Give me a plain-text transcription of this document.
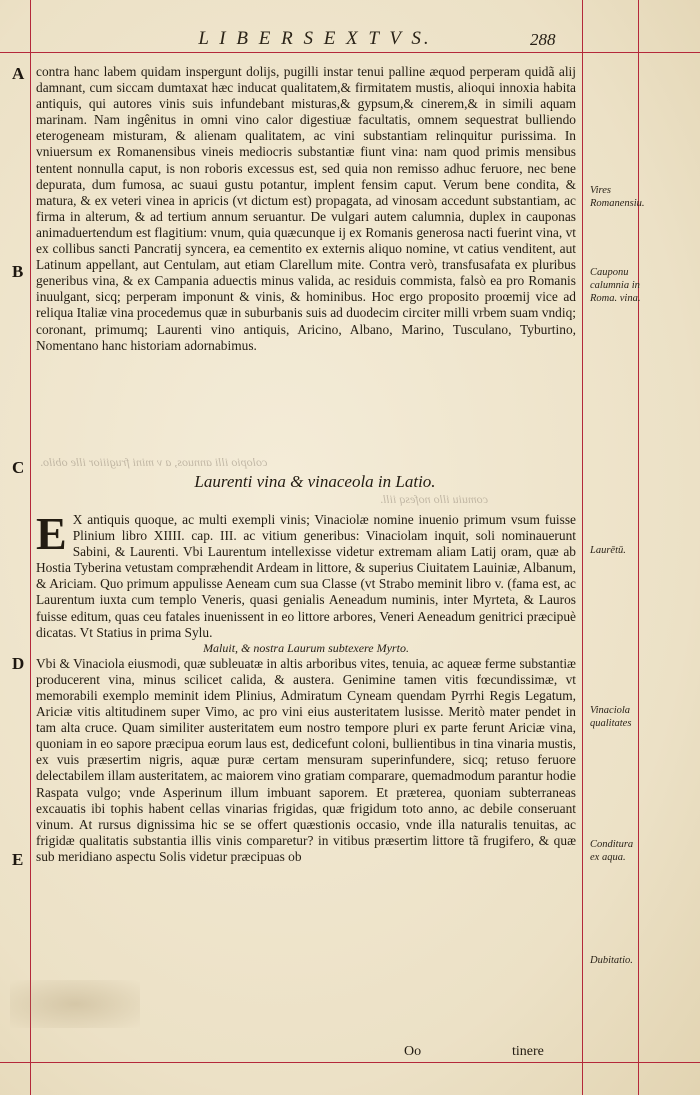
L I B E R S E X T V S.	288
A
B
C
D
E

contra hanc labem quidam inspergunt dolijs, pugilli instar tenui palline æquod perperam quidã alij damnant, cum siccam dumtaxat hæc inducat qualitatem,& firmitatem mustis, alioqui innoxia habita antiquis, qui autores vinis suis infundebant misturas,& gypsum,& cinerem,& in simili aquam marinam. Nam ingênitus in omni vino calor digestiuæ facultatis, omnem sequestrat bulliendo eterogeneam misturam, & alienam qualitatem, ac vini substantiam relinquitur purissima. In vniuersum ex Romanensibus vineis mediocris substantiæ fiunt vina: nam quod primis mensibus tentent nonnulla caput, is non roboris excessus est, sed quia non remisso adhuc feruore, nec bene depurata, dum fumosa, ac suaui gustu potantur, implent fensim caput. Verum bene condita, & matura, & ex veteri vinea in apricis (vt dictum est) propagata, ad vinosam accedunt substantiam, ac firma in alterum, & ad tertium annum seruantur. De vulgari autem calumnia, duplex in cauponas animaduertendum est flagitium: vnum, quia quæcunque ij ex Romanis generosa nacti fuerint vina, vt ex collibus sancti Pancratij syncera, ea cementito ex externis aliquo nomine, vt catius venditent, aut Latinum appellant, aut Centulam, aut etiam Clarellum mite. Contra verò, transfusafata ex pluribus generibus vina, & ex Campania aduectis minus valida, ac residuis commista, falsò ea pro Romanis inuulgant, sicq; perperam imponunt & vinis, & hominibus. Hoc ergo proposito proœmij vice ad reliqua Italiæ vina procedemus quæ in suburbanis suis ad duodecim circiter milli vrbem suam vndiq; coronant, primumq; Laurenti vino antiquis, Aricino, Albano, Marino, Tusculano, Tyburtino, Nomentano hanc historiam adornabimus.

colopio illi annuos, a v mini frugiiior ille obilo.
Laurenti vina & vinaceola in Latio.
comuiu illo nofesq iill.

E X antiquis quoque, ac multi exempli vinis; Vinaciolæ nomine inuenio primum vsum fuisse Plinium libro XIIII. cap. III. ac vitium generibus: Vinaciolam inquit, soli nominauerunt Sabini, & Laurenti. Vbi Laurentum intellexisse videtur extremam aliam Latij oram, quæ ab Hostia Tyberina vetustam compræhendit Ardeam in littore, & superius Ciuitatem Lauiniæ, Albanum, & Ariciam. Quo primum appulisse Aeneam cum sua Classe (vt Strabo meminit libro v. (fama est, ac Laurentum iuxta cum templo Veneris, quasi genialis Aeneadum numinis, inter Myrteta, & Lauros fuisse editum, quas ceu fatales inuenissent in eo littore arbores, Veneri Aeneadum genitrici præcipuè dicatas. Vt Statius in prima Sylu.

Maluit, & nostra Laurum subtexere Myrto.

Vbi & Vinaciola eiusmodi, quæ subleuatæ in altis arboribus vites, tenuia, ac aqueæ ferme substantiæ producerent vina, minus scilicet calida, & austera. Genimine tamen vitis fœcundissimæ, vt memorabili exemplo meminit idem Plinius, Admiratum Cyneam quendam Pyrrhi Regis Legatum, Ariciæ vitis altitudinem super Vimo, ac pro vini eius austeritatem lusisse. Meritò mater pendet in tam alta cruce. Quam similiter austeritatem eum nostro tempore pluri ex parte ferunt Ariciæ vina, quoniam in eo sapore præcipua eorum laus est, dedicefunt coloni, bullientibus in tina vinaria mustis, ex vuis præsertim nigris, aquæ puræ certam mensuram superinfundere, sicq; retuso feruore delectabilem illam austeritatem, ac maiorem vino gratiam comparare, quemadmodum parantur hodie Raspata vulgo; vnde Asperinum illum imbuant saporem. Et præterea, quoniam subterraneas excauatis ibi tophis habent cellas vinarias frigidas, quæ frigidum toto anno, ac debile conseruant vinum. At rursus dignissima hic se se offert quæstionis occasio, vnde illa naturalis tenuitas, ac frigidæ qualitatis substantia illis vinis comparetur? in vitibus præsertim littore tã frugifero, & quæ sub meridiano aspectu Solis videtur præcipuas ob

Vires Romanensiu.
Cauponu calumnia in Roma. vina.
Laurētū.
Vinaciola qualitates
Conditura ex aqua.
Dubitatio.
Oo	tinere
